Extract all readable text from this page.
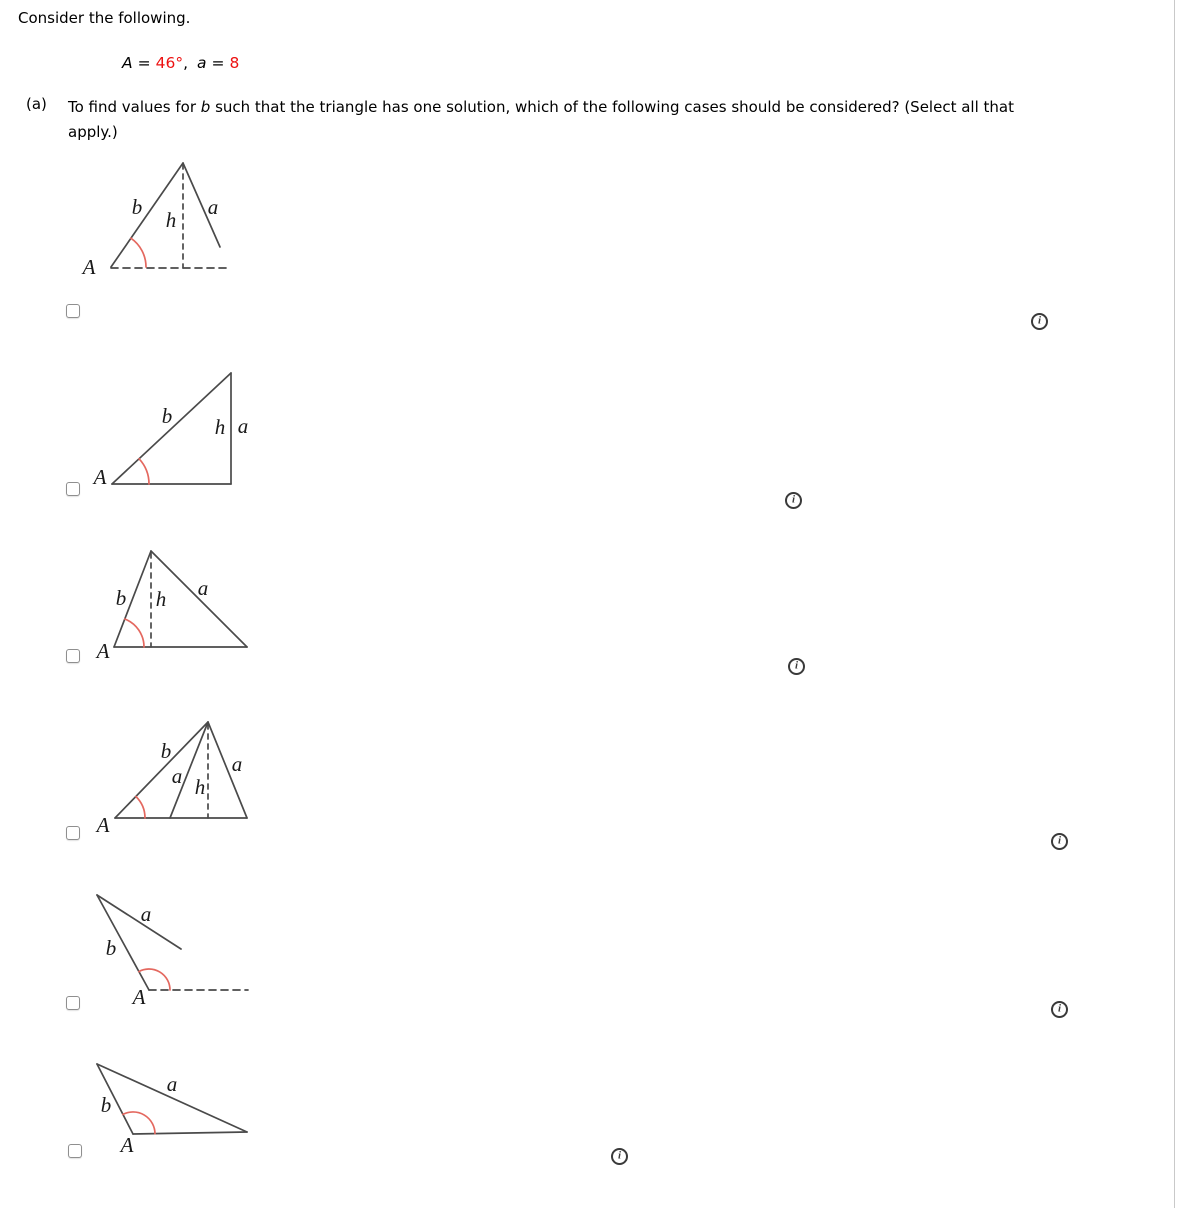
Consider the following.
A = 46°, a = 8
(a) To find values for b such that the triangle has one solution, which of the following cases should be considered? (Select all that
apply.)
b
h
a
A
i
b h a
A
i
b h a
A
i
b
a h
a
A
i
a
b
A	i
b
a
A	i
